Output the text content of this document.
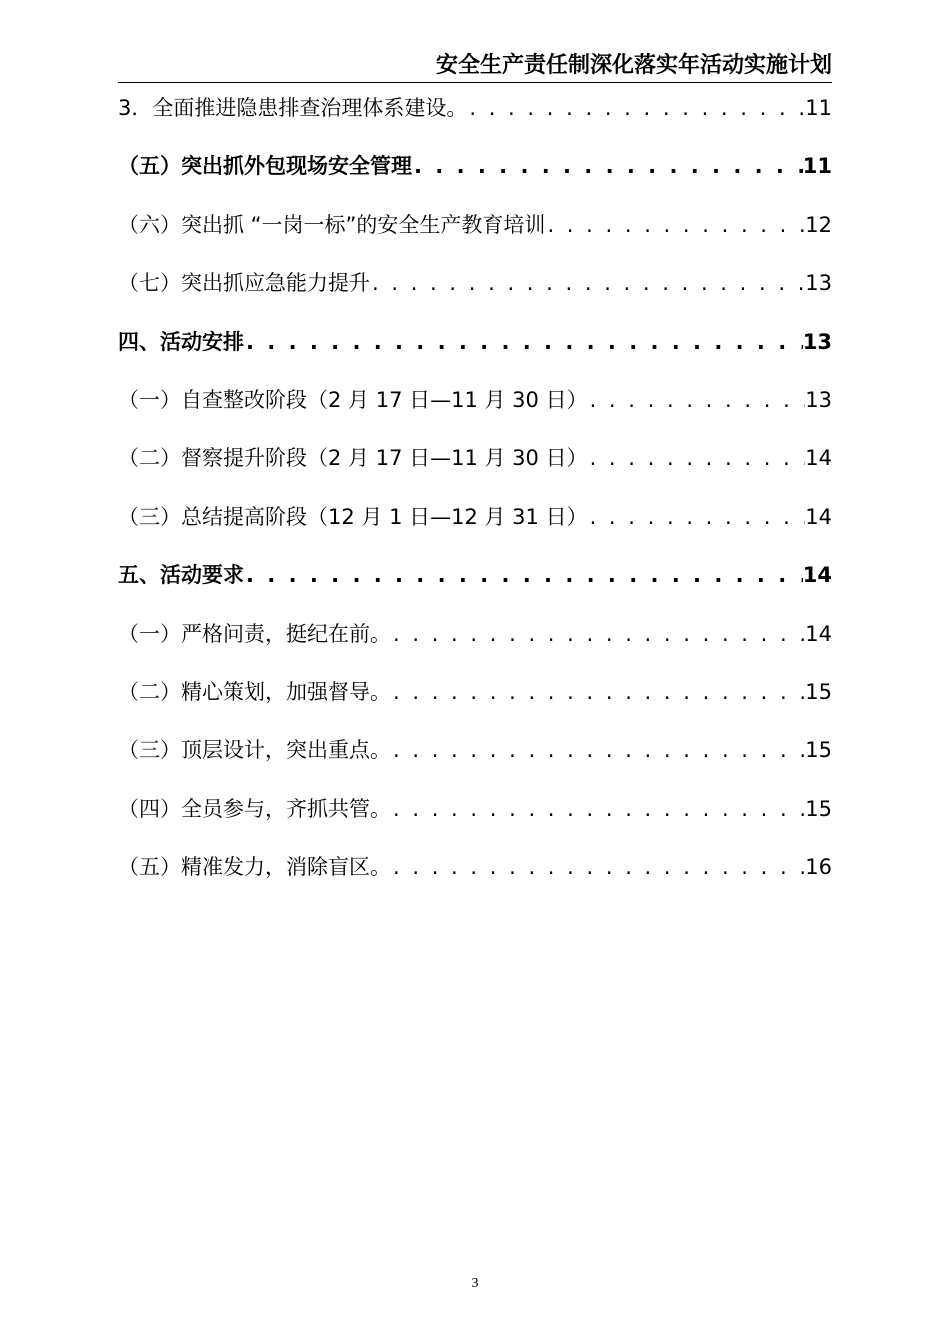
安全生产责任制深化落实年活动实施计划
3．全面推进隐患排查治理体系建设。 . . .	11
（五）突出抓外包现场安全管理 . . .	11
（六）突出抓 “一岗一标”的安全生产教育培训 . . .	12
（七）突出抓应急能力提升 . . .	13
四、活动安排 . . .	13
（一）自查整改阶段（2 月 17 日—11 月 30 日） . . .	13
（二）督察提升阶段（2 月 17 日—11 月 30 日） . . .	14
（三）总结提高阶段（12 月 1 日—12 月 31 日） . . .	14
五、活动要求 . . .	14
（一）严格问责，挺纪在前。 . . .	14
（二）精心策划，加强督导。 . . .	15
（三）顶层设计，突出重点。 . . .	15
（四）全员参与，齐抓共管。 . . .	15
（五）精准发力，消除盲区。 . . .	16
3
